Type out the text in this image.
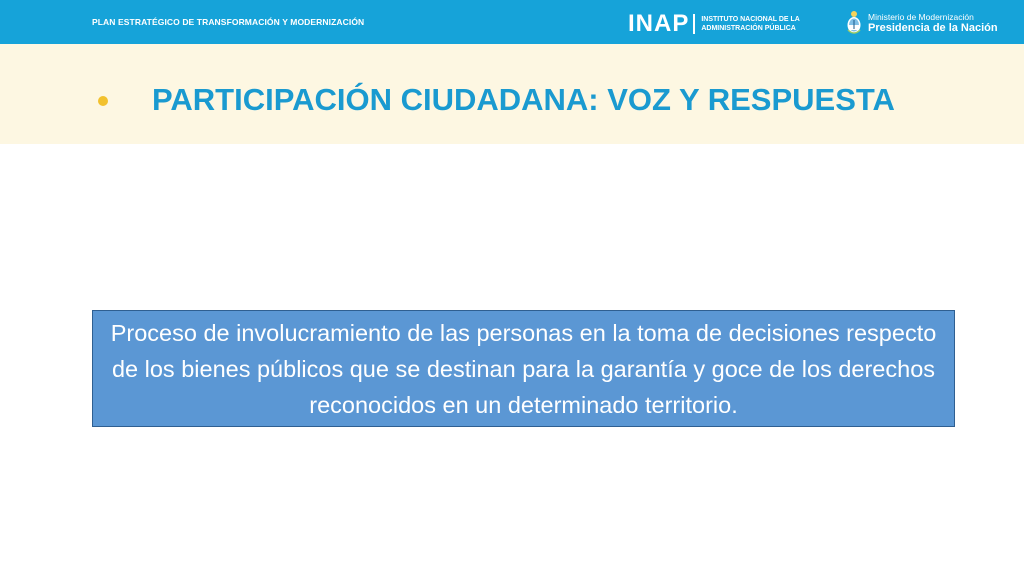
PLAN ESTRATÉGICO DE TRANSFORMACIÓN Y MODERNIZACIÓN	INAP INSTITUTO NACIONAL DE LA
ADMINISTRACIÓN PÚBLICA
Ministerio de Modernización
Presidencia de la Nación
PARTICIPACIÓN CIUDADANA: VOZ Y RESPUESTA
Proceso de involucramiento de las personas en la toma de decisiones respecto de los bienes públicos que se destinan para la garantía y goce de los derechos reconocidos en un determinado territorio.
